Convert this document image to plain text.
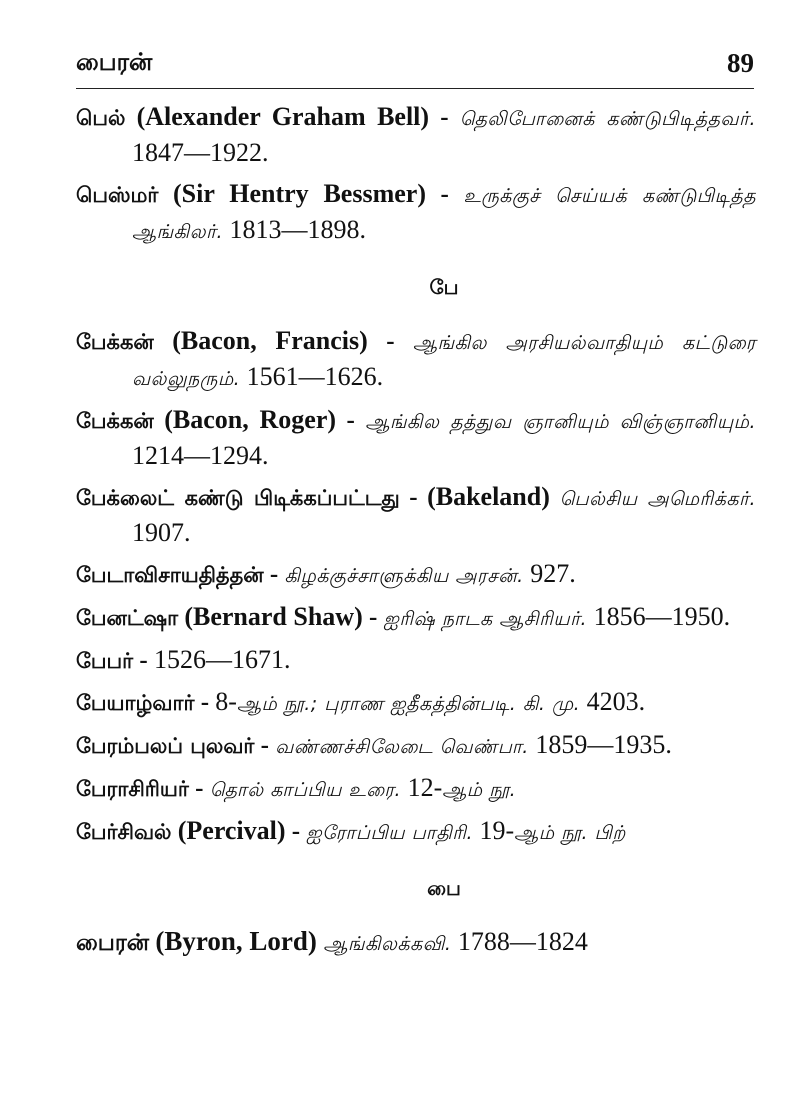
பைரன்	89

பெல் (Alexander Graham Bell) - தெலிபோனைக் கண்டுபிடித்தவர். 1847—1922.

பெஸ்மர் (Sir Hentry Bessmer) - உருக்குச் செய்யக் கண்டுபிடித்த ஆங்கிலர். 1813—1898.

பே

பேக்கன் (Bacon, Francis) - ஆங்கில அரசியல்வாதியும் கட்டுரை வல்லுநரும். 1561—1626.

பேக்கன் (Bacon, Roger) - ஆங்கில தத்துவ ஞானியும் விஞ்ஞானியும். 1214—1294.

பேக்லைட் கண்டு பிடிக்கப்பட்டது - (Bakeland) பெல்சிய அமெரிக்கர். 1907.

பேடாவிசாயதித்தன் - கிழக்குச்சாளுக்கிய அரசன். 927.

பேனட்ஷா (Bernard Shaw) - ஐரிஷ் நாடக ஆசிரியர். 1856—1950.

பேபர் - 1526—1671.

பேயாழ்வார் - 8-ஆம் நூ.; புராண ஐதீகத்தின்படி. கி. மு. 4203.

பேரம்பலப் புலவர் - வண்ணச்சிலேடை வெண்பா. 1859—1935.

பேராசிரியர் - தொல் காப்பிய உரை. 12-ஆம் நூ.

பேர்சிவல் (Percival) - ஐரோப்பிய பாதிரி. 19-ஆம் நூ. பிற்

பை

பைரன் (Byron, Lord) ஆங்கிலக்கவி. 1788—1824
